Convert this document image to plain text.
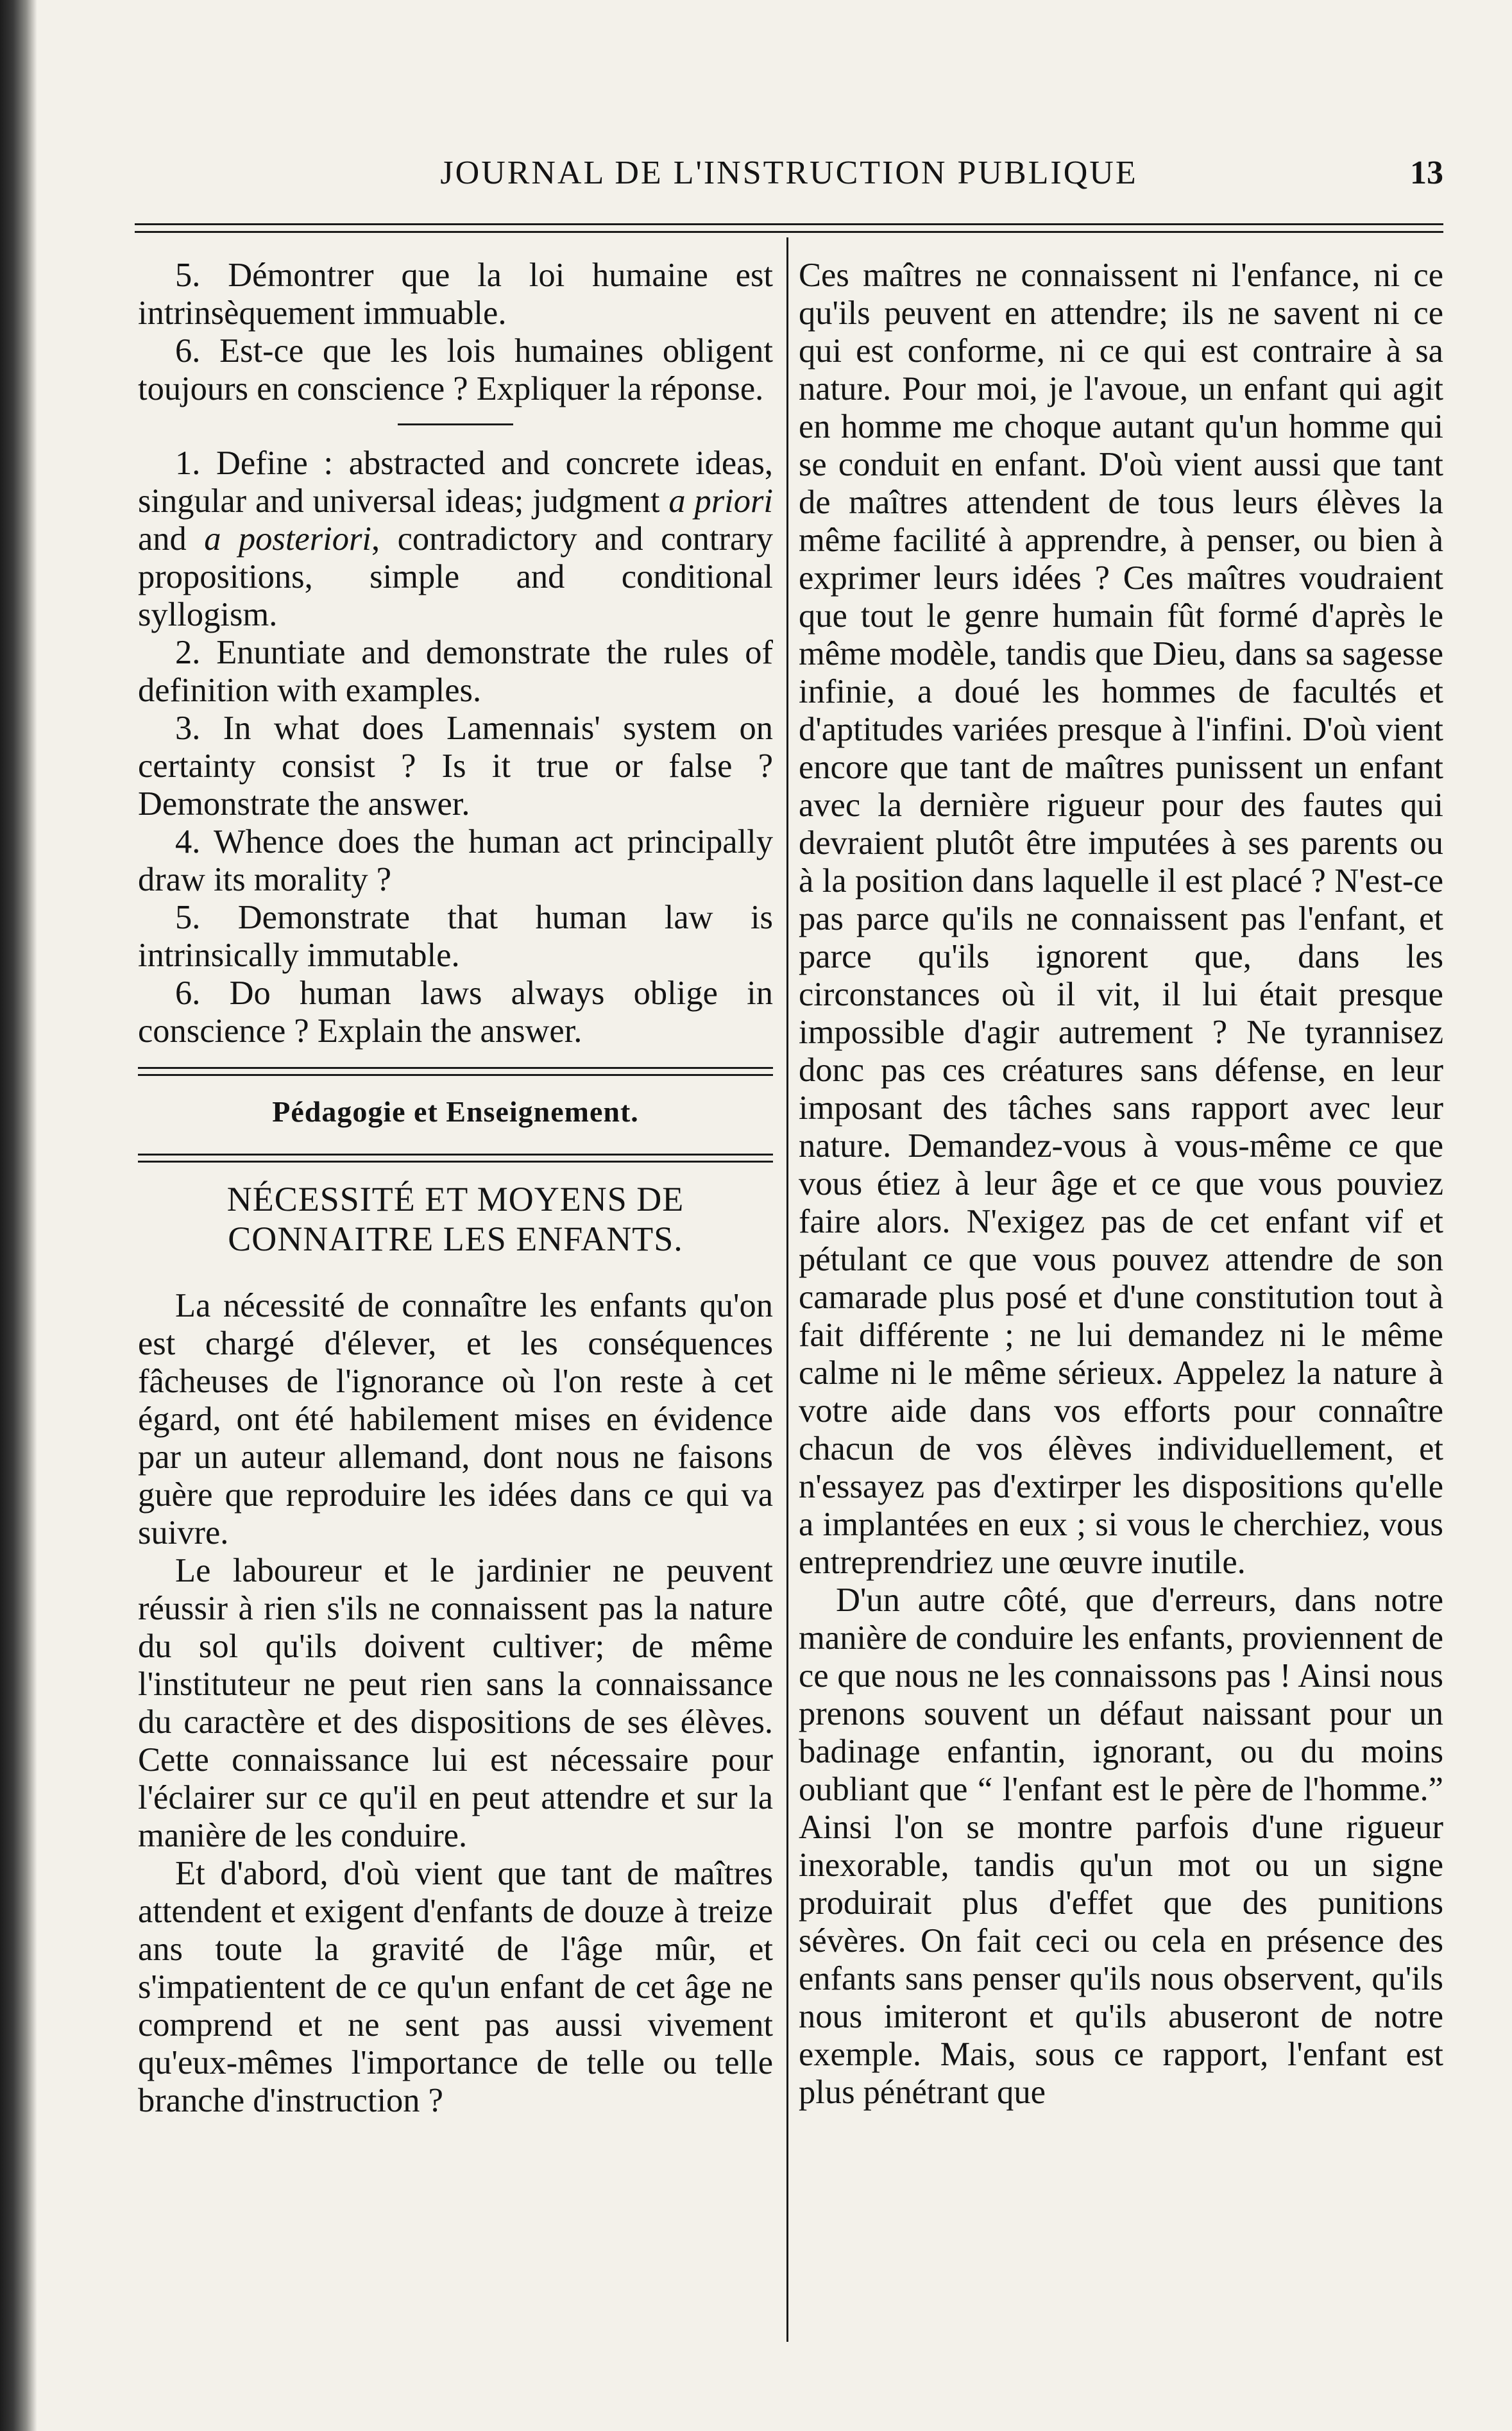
JOURNAL DE L'INSTRUCTION PUBLIQUE	13

5. Démontrer que la loi humaine est intrinsèquement immuable.

6. Est-ce que les lois humaines obligent toujours en conscience ? Expliquer la réponse.

1. Define : abstracted and concrete ideas, singular and universal ideas; judgment a priori and a posteriori, contradictory and contrary propositions, simple and conditional syllogism.

2. Enuntiate and demonstrate the rules of definition with examples.

3. In what does Lamennais' system on certainty consist ? Is it true or false ? Demonstrate the answer.

4. Whence does the human act principally draw its morality ?

5. Demonstrate that human law is intrinsically immutable.

6. Do human laws always oblige in conscience ? Explain the answer.

Pédagogie et Enseignement.
NÉCESSITÉ ET MOYENS DE CONNAITRE LES ENFANTS.

La nécessité de connaître les enfants qu'on est chargé d'élever, et les conséquences fâcheuses de l'ignorance où l'on reste à cet égard, ont été habilement mises en évidence par un auteur allemand, dont nous ne faisons guère que reproduire les idées dans ce qui va suivre.

Le laboureur et le jardinier ne peuvent réussir à rien s'ils ne connaissent pas la nature du sol qu'ils doivent cultiver; de même l'instituteur ne peut rien sans la connaissance du caractère et des dispositions de ses élèves. Cette connaissance lui est nécessaire pour l'éclairer sur ce qu'il en peut attendre et sur la manière de les conduire.

Et d'abord, d'où vient que tant de maîtres attendent et exigent d'enfants de douze à treize ans toute la gravité de l'âge mûr, et s'impatientent de ce qu'un enfant de cet âge ne comprend et ne sent pas aussi vivement qu'eux-mêmes l'importance de telle ou telle branche d'instruction ?

Ces maîtres ne connaissent ni l'enfance, ni ce qu'ils peuvent en attendre; ils ne savent ni ce qui est conforme, ni ce qui est contraire à sa nature. Pour moi, je l'avoue, un enfant qui agit en homme me choque autant qu'un homme qui se conduit en enfant. D'où vient aussi que tant de maîtres attendent de tous leurs élèves la même facilité à apprendre, à penser, ou bien à exprimer leurs idées ? Ces maîtres voudraient que tout le genre humain fût formé d'après le même modèle, tandis que Dieu, dans sa sagesse infinie, a doué les hommes de facultés et d'aptitudes variées presque à l'infini. D'où vient encore que tant de maîtres punissent un enfant avec la dernière rigueur pour des fautes qui devraient plutôt être imputées à ses parents ou à la position dans laquelle il est placé ? N'est-ce pas parce qu'ils ne connaissent pas l'enfant, et parce qu'ils ignorent que, dans les circonstances où il vit, il lui était presque impossible d'agir autrement ? Ne tyrannisez donc pas ces créatures sans défense, en leur imposant des tâches sans rapport avec leur nature. Demandez-vous à vous-même ce que vous étiez à leur âge et ce que vous pouviez faire alors. N'exigez pas de cet enfant vif et pétulant ce que vous pouvez attendre de son camarade plus posé et d'une constitution tout à fait différente ; ne lui demandez ni le même calme ni le même sérieux. Appelez la nature à votre aide dans vos efforts pour connaître chacun de vos élèves individuellement, et n'essayez pas d'extirper les dispositions qu'elle a implantées en eux ; si vous le cherchiez, vous entreprendriez une œuvre inutile.

D'un autre côté, que d'erreurs, dans notre manière de conduire les enfants, proviennent de ce que nous ne les connaissons pas ! Ainsi nous prenons souvent un défaut naissant pour un badinage enfantin, ignorant, ou du moins oubliant que “ l'enfant est le père de l'homme.” Ainsi l'on se montre parfois d'une rigueur inexorable, tandis qu'un mot ou un signe produirait plus d'effet que des punitions sévères. On fait ceci ou cela en présence des enfants sans penser qu'ils nous observent, qu'ils nous imiteront et qu'ils abuseront de notre exemple. Mais, sous ce rapport, l'enfant est plus pénétrant que
